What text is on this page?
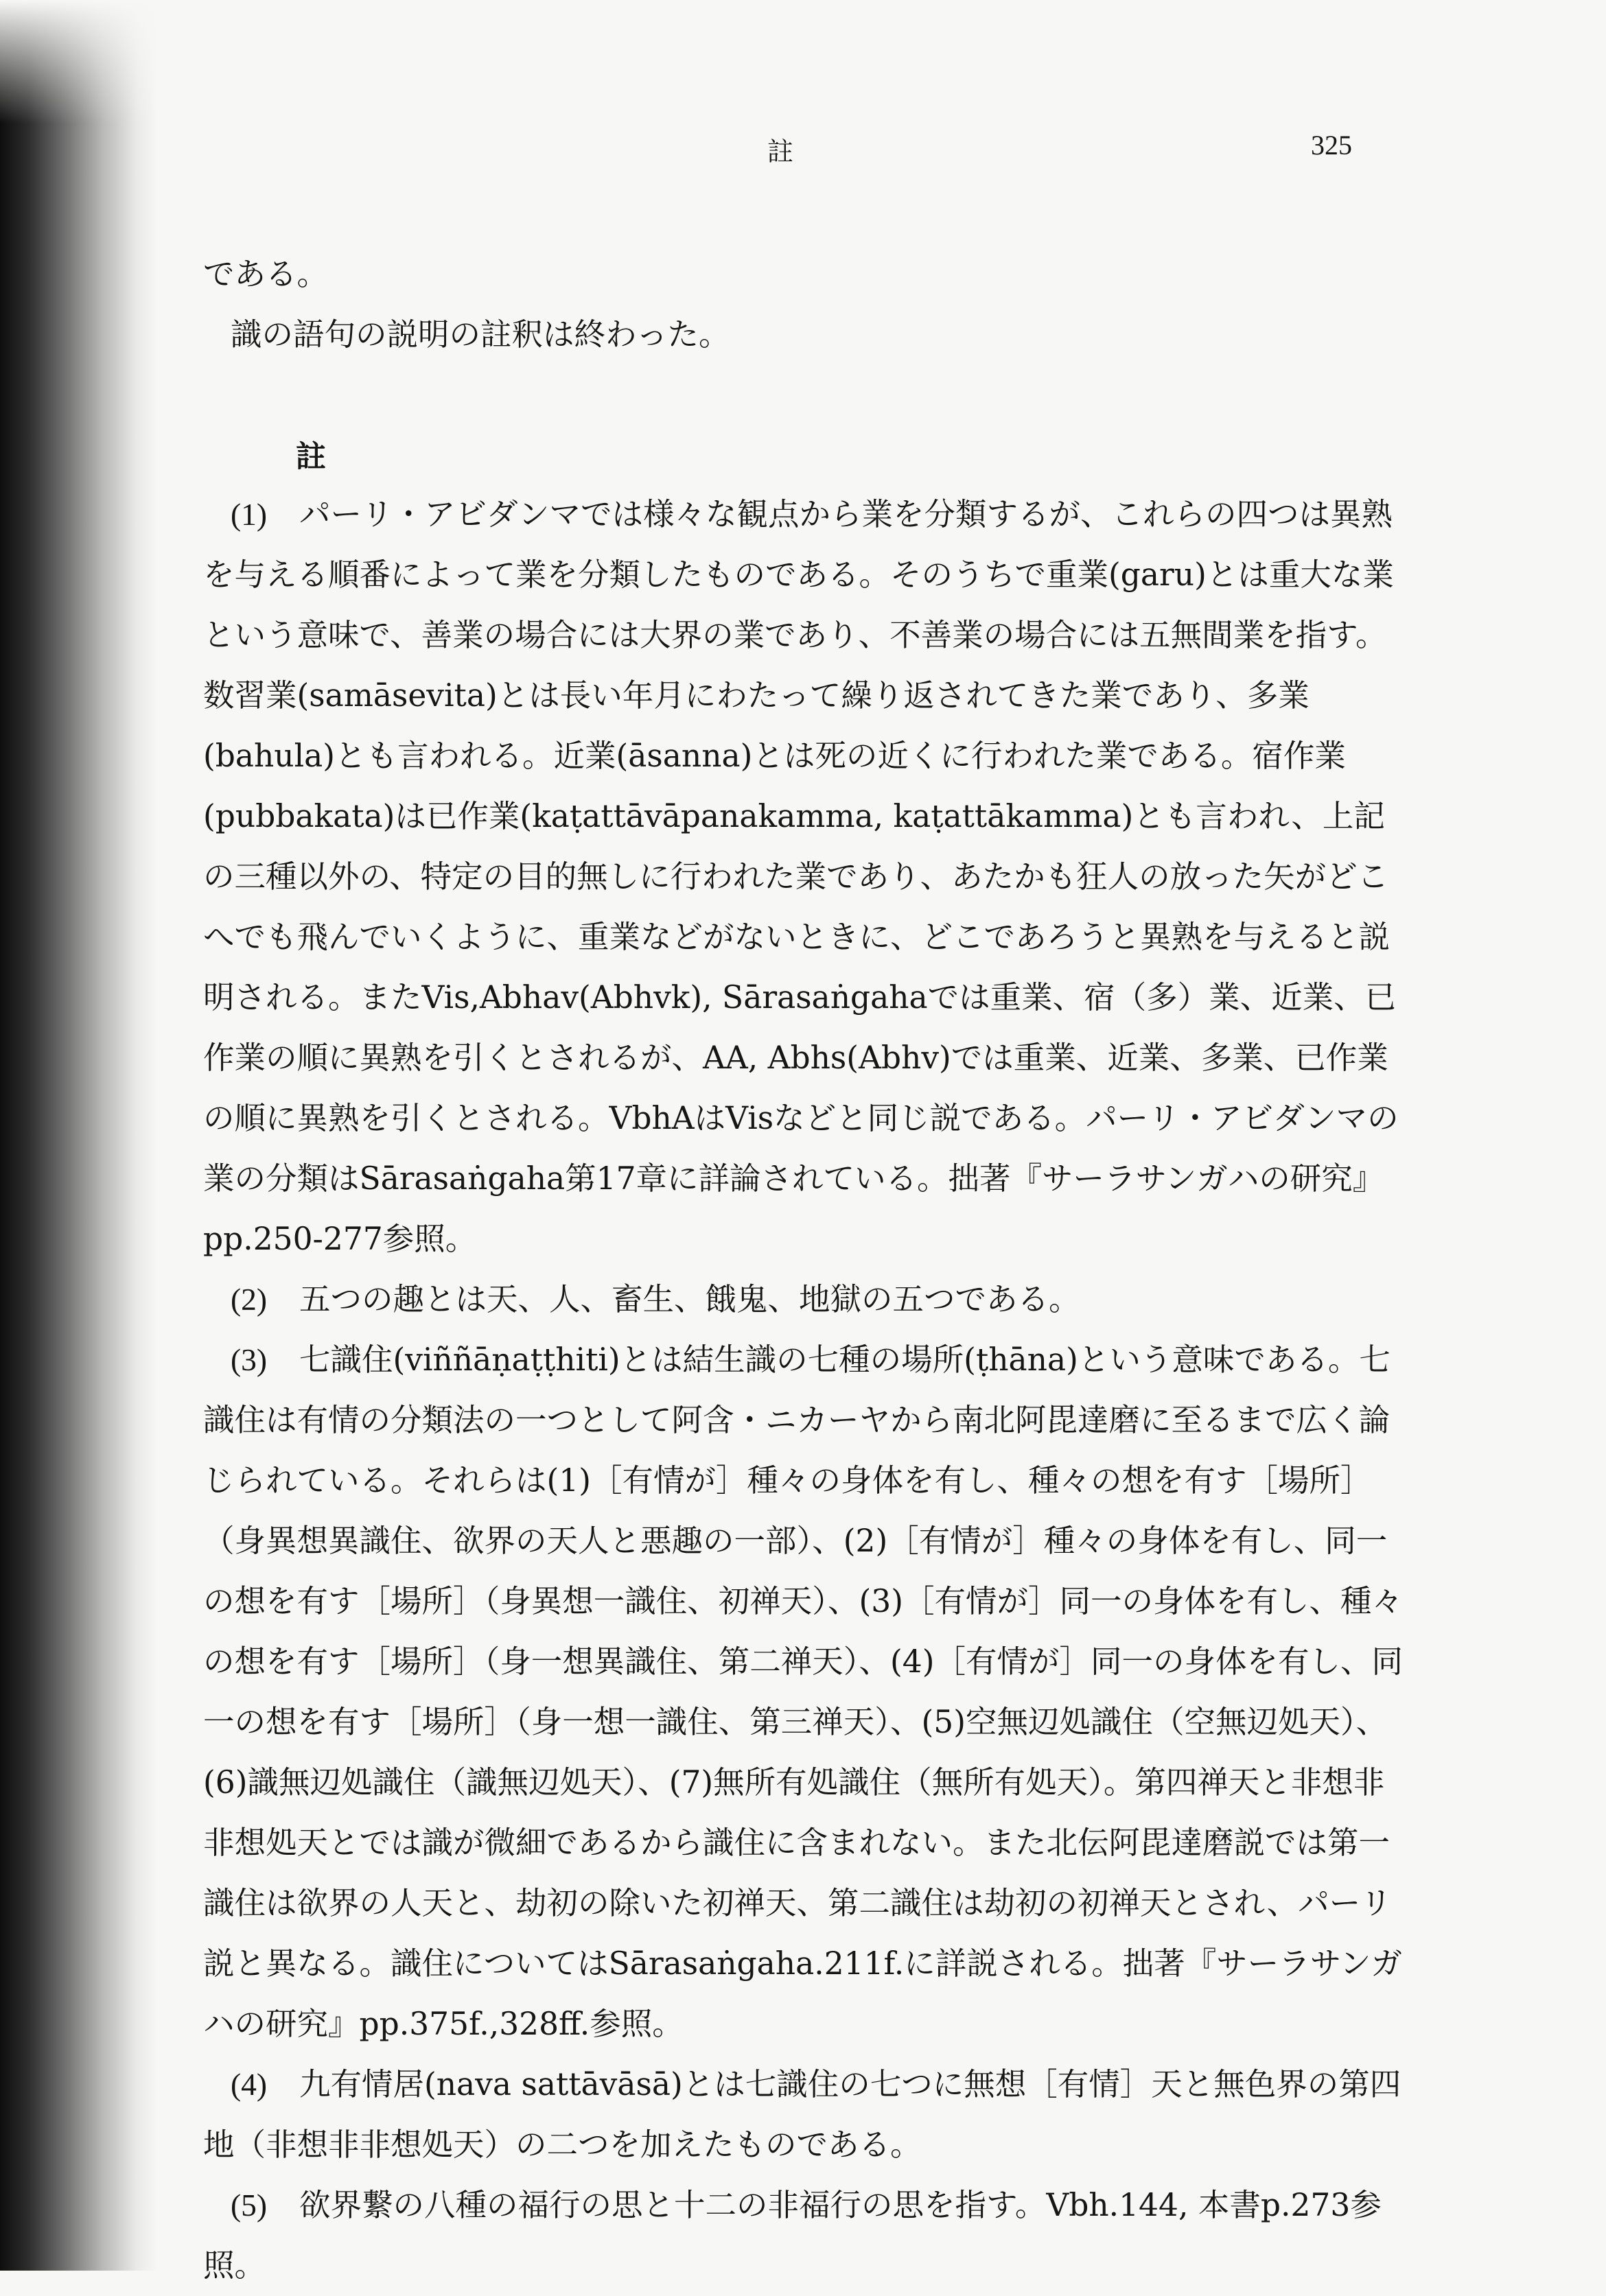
註	325

である。

識の語句の説明の註釈は終わった。

註

(1) パーリ・アビダンマでは様々な観点から業を分類するが、これらの四つは異熟を与える順番によって業を分類したものである。そのうちで重業(garu)とは重大な業という意味で、善業の場合には大界の業であり、不善業の場合には五無間業を指す。数習業(samāsevita)とは長い年月にわたって繰り返されてきた業であり、多業(bahula)とも言われる。近業(āsanna)とは死の近くに行われた業である。宿作業(pubbakata)は已作業(kaṭattāvāpanakamma, kaṭattākamma)とも言われ、上記の三種以外の、特定の目的無しに行われた業であり、あたかも狂人の放った矢がどこへでも飛んでいくように、重業などがないときに、どこであろうと異熟を与えると説明される。またVis,Abhav(Abhvk), Sārasaṅgahaでは重業、宿（多）業、近業、已作業の順に異熟を引くとされるが、AA, Abhs(Abhv)では重業、近業、多業、已作業の順に異熟を引くとされる。VbhAはVisなどと同じ説である。パーリ・アビダンマの業の分類はSārasaṅgaha第17章に詳論されている。拙著『サーラサンガハの研究』pp.250-277参照。

(2) 五つの趣とは天、人、畜生、餓鬼、地獄の五つである。

(3) 七識住(viññāṇaṭṭhiti)とは結生識の七種の場所(ṭhāna)という意味である。七識住は有情の分類法の一つとして阿含・ニカーヤから南北阿毘達磨に至るまで広く論じられている。それらは(1)［有情が］種々の身体を有し、種々の想を有す［場所］（身異想異識住、欲界の天人と悪趣の一部）、(2)［有情が］種々の身体を有し、同一の想を有す［場所］（身異想一識住、初禅天）、(3)［有情が］同一の身体を有し、種々の想を有す［場所］（身一想異識住、第二禅天）、(4)［有情が］同一の身体を有し、同一の想を有す［場所］（身一想一識住、第三禅天）、(5)空無辺処識住（空無辺処天）、(6)識無辺処識住（識無辺処天）、(7)無所有処識住（無所有処天）。第四禅天と非想非非想処天とでは識が微細であるから識住に含まれない。また北伝阿毘達磨説では第一識住は欲界の人天と、劫初の除いた初禅天、第二識住は劫初の初禅天とされ、パーリ説と異なる。識住についてはSārasaṅgaha.211f.に詳説される。拙著『サーラサンガハの研究』pp.375f.,328ff.参照。

(4) 九有情居(nava sattāvāsā)とは七識住の七つに無想［有情］天と無色界の第四地（非想非非想処天）の二つを加えたものである。

(5) 欲界繋の八種の福行の思と十二の非福行の思を指す。Vbh.144, 本書p.273参照。
